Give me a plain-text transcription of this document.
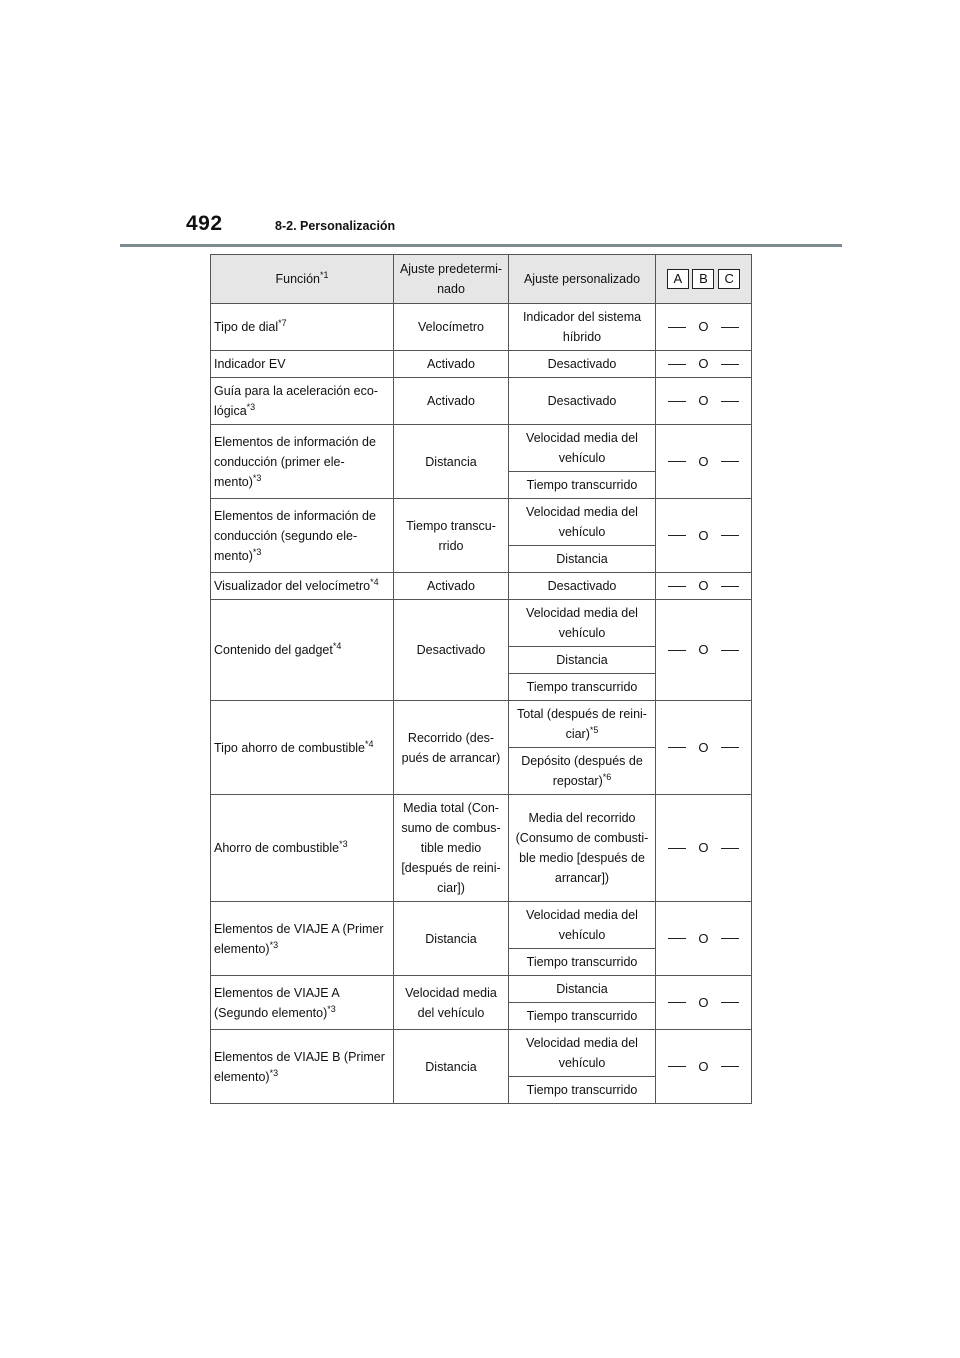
492	8-2. Personalización
Función$^{*1}$	Ajuste predetermi-nado	Ajuste personalizado	A B C

Tipo de dial$^{*7}$	Velocímetro	Indicador del sistema híbrido	O

Indicador EV	Activado	Desactivado	O

Guía para la aceleración eco-lógica$^{*3}$	Activado	Desactivado	O

Elementos de información de conducción (primer ele-mento)$^{*3}$	Distancia	Velocidad media del vehículo	O

		Tiempo transcurrido	
Elementos de información de conducción (segundo ele-mento)$^{*3}$	Tiempo transcu-rrido	Velocidad media del vehículo	O

		Distancia	
Visualizador del velocímetro$^{*4}$	Activado	Desactivado	O

Contenido del gadget$^{*4}$	Desactivado	Velocidad media del vehículo	O

		Distancia	
		Tiempo transcurrido	
Tipo ahorro de combustible$^{*4}$	Recorrido (des-pués de arrancar)	Total (después de reini-ciar)$^{*5}$	O

		Depósito (después de repostar)$^{*6}$
Ahorro de combustible$^{*3}$	Media total (Con-sumo de combus-tible medio [después de reini-ciar])	Media del recorrido (Consumo de combusti-ble medio [después de arrancar])	O

Elementos de VIAJE A (Primer elemento)$^{*3}$	Distancia	Velocidad media del vehículo	O

		Tiempo transcurrido	
Elementos de VIAJE A (Segundo elemento)$^{*3}$	Velocidad media del vehículo	Distancia	O

		Tiempo transcurrido	
Elementos de VIAJE B (Primer elemento)$^{*3}$	Distancia	Velocidad media del vehículo	O

		Tiempo transcurrido	
